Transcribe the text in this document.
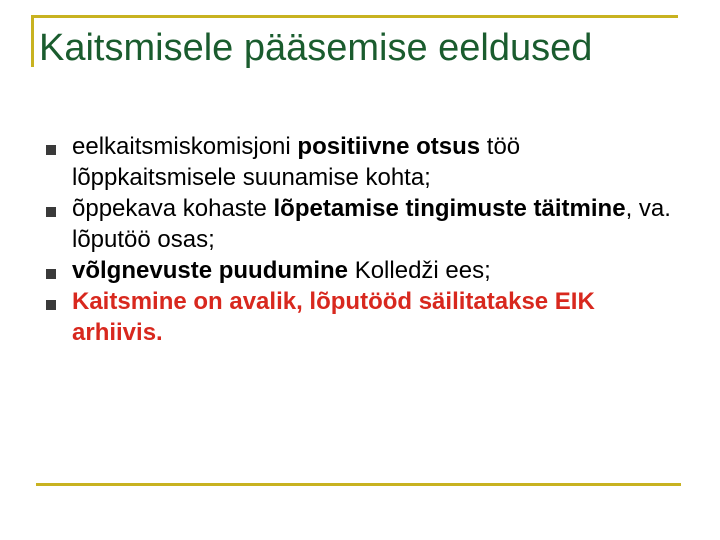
Kaitsmisele pääsemise eeldused
eelkaitsmiskomisjoni positiivne otsus töö lõppkaitsmisele suunamise kohta;
õppekava kohaste lõpetamise tingimuste täitmine, va. lõputöö osas;
võlgnevuste puudumine Kolledži ees;
Kaitsmine on avalik, lõputööd säilitatakse EIK arhiivis.
